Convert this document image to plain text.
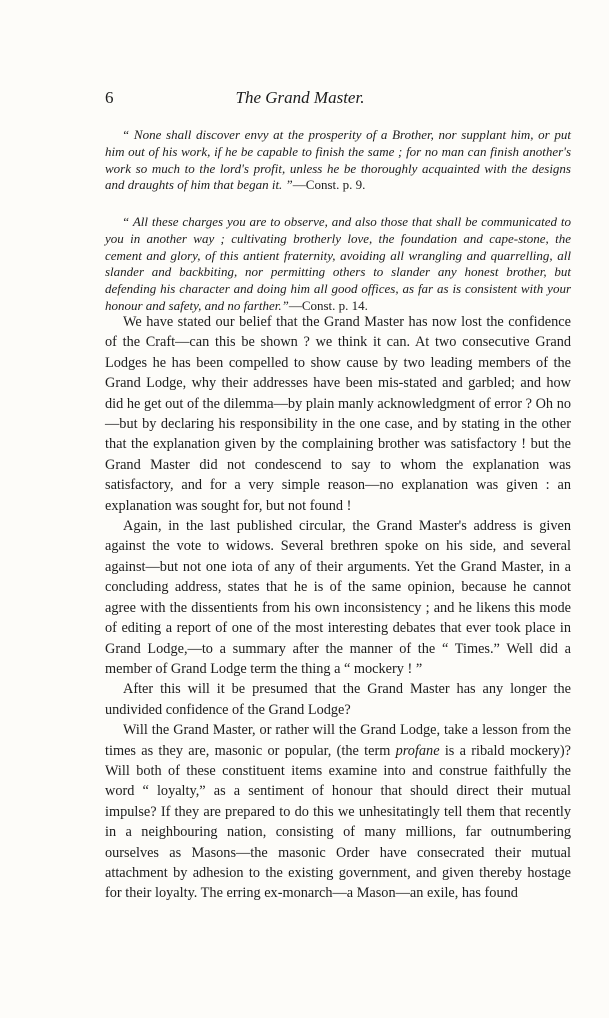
6	The Grand Master.

“ None shall discover envy at the prosperity of a Brother, nor supplant him, or put him out of his work, if he be capable to finish the same ; for no man can finish another's work so much to the lord's profit, unless he be thoroughly acquainted with the designs and draughts of him that began it. ”—Const. p. 9.

“ All these charges you are to observe, and also those that shall be communicated to you in another way ; cultivating brotherly love, the foundation and cape-stone, the cement and glory, of this antient fraternity, avoiding all wrangling and quarrelling, all slander and backbiting, nor permitting others to slander any honest brother, but defending his character and doing him all good offices, as far as is consistent with your honour and safety, and no farther.”—Const. p. 14.

We have stated our belief that the Grand Master has now lost the confidence of the Craft—can this be shown ? we think it can. At two consecutive Grand Lodges he has been compelled to show cause by two leading members of the Grand Lodge, why their addresses have been mis-stated and garbled; and how did he get out of the dilemma—by plain manly acknowledgment of error ? Oh no—but by declaring his responsibility in the one case, and by stating in the other that the explanation given by the complaining brother was satisfactory ! but the Grand Master did not condescend to say to whom the explanation was satisfactory, and for a very simple reason—no explanation was given : an explanation was sought for, but not found !

Again, in the last published circular, the Grand Master's address is given against the vote to widows. Several brethren spoke on his side, and several against—but not one iota of any of their arguments. Yet the Grand Master, in a concluding address, states that he is of the same opinion, because he cannot agree with the dissentients from his own inconsistency ; and he likens this mode of editing a report of one of the most interesting debates that ever took place in Grand Lodge,—to a summary after the manner of the “ Times.” Well did a member of Grand Lodge term the thing a “ mockery ! ”

After this will it be presumed that the Grand Master has any longer the undivided confidence of the Grand Lodge?

Will the Grand Master, or rather will the Grand Lodge, take a lesson from the times as they are, masonic or popular, (the term profane is a ribald mockery)? Will both of these constituent items examine into and construe faithfully the word “ loyalty,” as a sentiment of honour that should direct their mutual impulse? If they are prepared to do this we unhesitatingly tell them that recently in a neighbouring nation, consisting of many millions, far outnumbering ourselves as Masons—the masonic Order have consecrated their mutual attachment by adhesion to the existing government, and given thereby hostage for their loyalty. The erring ex-monarch—a Mason—an exile, has found
